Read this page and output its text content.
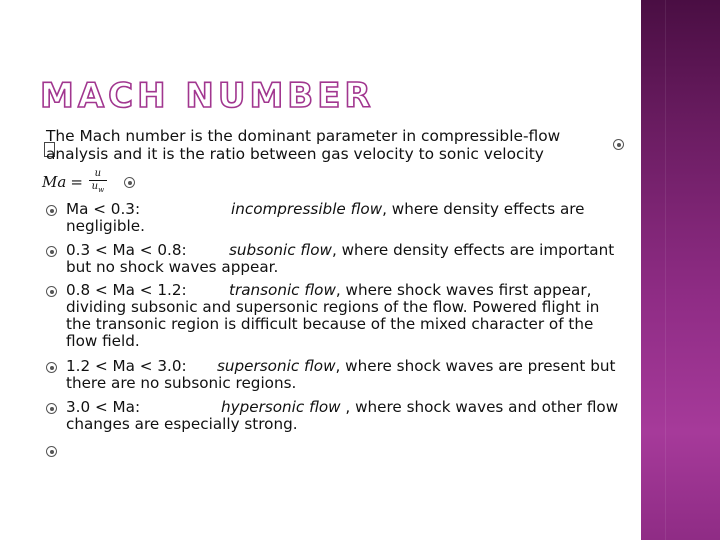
MACH NUMBER
The Mach number is the dominant parameter in compressible-flow
analysis and it is the ratio between gas velocity to sonic velocity
$Ma = \frac{u}{u_w}$
Ma < 0.3:	incompressible flow, where density effects are
negligible.
0.3 < Ma < 0.8:	subsonic flow, where density effects are important
but no shock waves appear.
0.8 < Ma < 1.2:	transonic flow, where shock waves first appear,
dividing subsonic and supersonic regions of the flow. Powered flight in
the transonic region is difficult because of the mixed character of the
flow field.
1.2 < Ma < 3.0: supersonic flow, where shock waves are present but
there are no subsonic regions.
3.0 < Ma:	hypersonic flow , where shock waves and other flow
changes are especially strong.
